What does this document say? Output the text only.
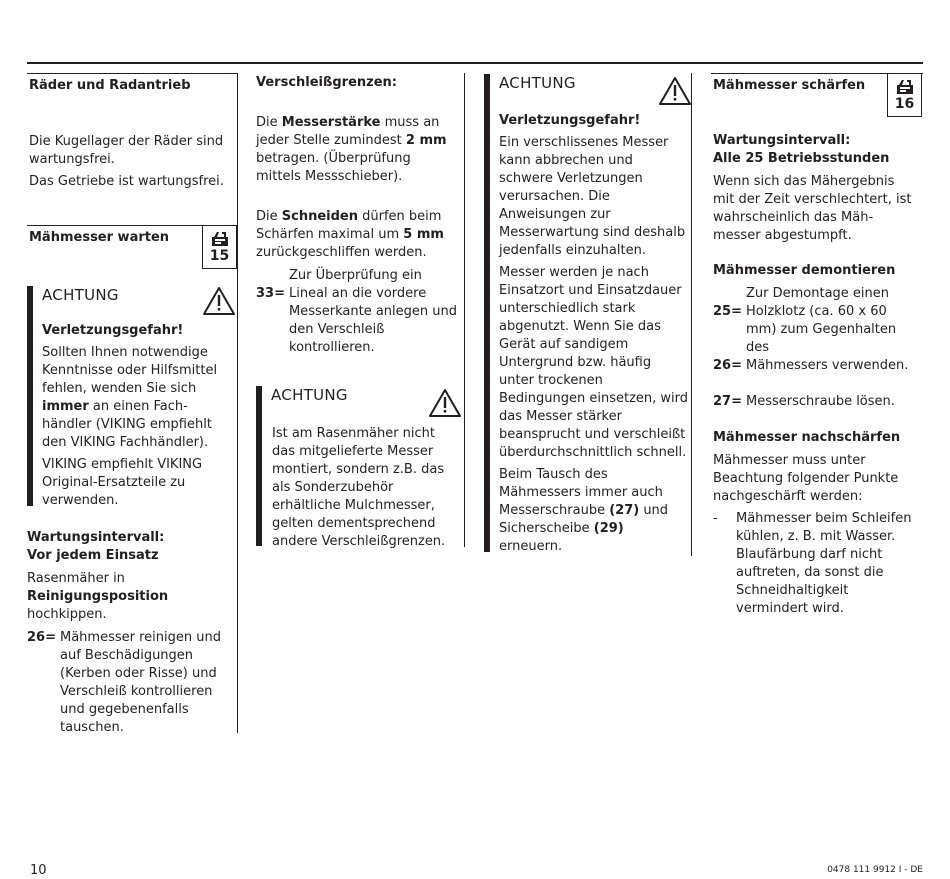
Räder und Radantrieb

Die Kugellager der Räder sind wartungsfrei.

Das Getriebe ist wartungsfrei.

Mähmesser warten
15
ACHTUNG

Verletzungsgefahr!

Sollten Ihnen notwendige Kenntnisse oder Hilfsmittel fehlen, wenden Sie sich immer an einen Fach-händler (VIKING empfiehlt den VIKING Fachhändler).

VIKING empfiehlt VIKING Original-Ersatzteile zu verwenden.

Wartungsintervall:
Vor jedem Einsatz

Rasenmäher in
Reinigungsposition
hochkippen.

26= Mähmesser reinigen und auf Beschädigungen (Kerben oder Risse) und Verschleiß kontrollieren und gegebenenfalls tauschen.
Verschleißgrenzen:

Die Messerstärke muss an jeder Stelle zumindest 2 mm betragen. (Überprüfung mittels Messschieber).

Die Schneiden dürfen beim Schärfen maximal um 5 mm zurückgeschliffen werden.

Zur Überprüfung ein
33= Lineal an die vordere Messerkante anlegen und den Verschleiß kontrollieren.
ACHTUNG
Ist am Rasenmäher nicht das mitgelieferte Messer montiert, sondern z.B. das als Sonderzubehör erhältliche Mulchmesser, gelten dementsprechend andere Verschleißgrenzen.
ACHTUNG

Verletzungsgefahr!

Ein verschlissenes Messer kann abbrechen und schwere Verletzungen verursachen. Die Anweisungen zur Messerwartung sind deshalb jedenfalls einzuhalten.

Messer werden je nach Einsatzort und Einsatzdauer unterschiedlich stark abgenutzt. Wenn Sie das Gerät auf sandigem Untergrund bzw. häufig unter trockenen Bedingungen einsetzen, wird das Messer stärker beansprucht und verschleißt überdurchschnittlich schnell.

Beim Tausch des Mähmessers immer auch Messerschraube (27) und Sicherscheibe (29) erneuern.

Mähmesser schärfen
16

Wartungsintervall:
Alle 25 Betriebsstunden

Wenn sich das Mähergebnis mit der Zeit verschlechtert, ist wahrscheinlich das Mäh-messer abgestumpft.

Mähmesser demontieren

Zur Demontage einen
25= Holzklotz (ca. 60 x 60 mm) zum Gegenhalten des
26= Mähmessers verwenden.
27= Messerschraube lösen.

Mähmesser nachschärfen

Mähmesser muss unter Beachtung folgender Punkte nachgeschärft werden:

-	Mähmesser beim Schleifen kühlen, z. B. mit Wasser. Blaufärbung darf nicht auftreten, da sonst die Schneidhaltigkeit vermindert wird.
10	0478 111 9912 I - DE
